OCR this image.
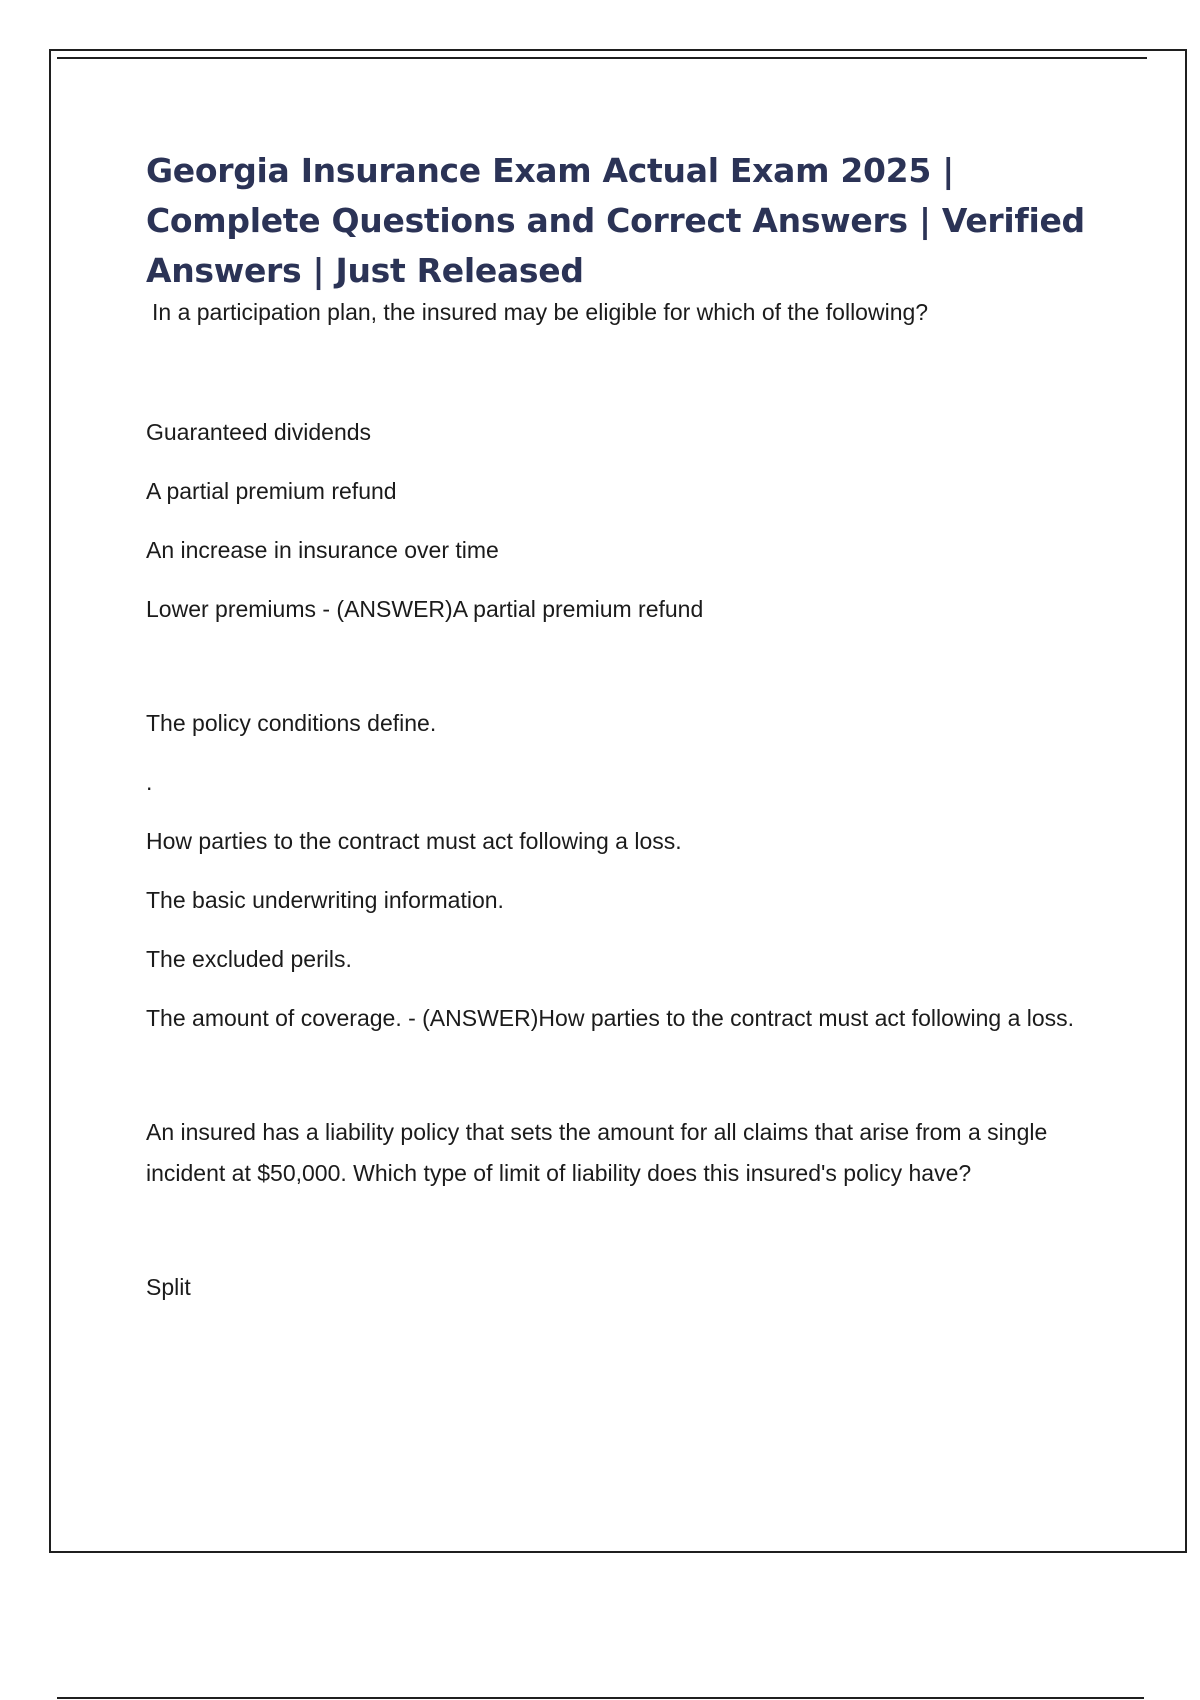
Georgia Insurance Exam Actual Exam 2025 | Complete Questions and Correct Answers | Verified Answers | Just Released

In a participation plan, the insured may be eligible for which of the following?

Guaranteed dividends

A partial premium refund

An increase in insurance over time

Lower premiums - (ANSWER)A partial premium refund

The policy conditions define.

.

How parties to the contract must act following a loss.

The basic underwriting information.

The excluded perils.

The amount of coverage. - (ANSWER)How parties to the contract must act following a loss.

An insured has a liability policy that sets the amount for all claims that arise from a single incident at $50,000. Which type of limit of liability does this insured's policy have?

Split
